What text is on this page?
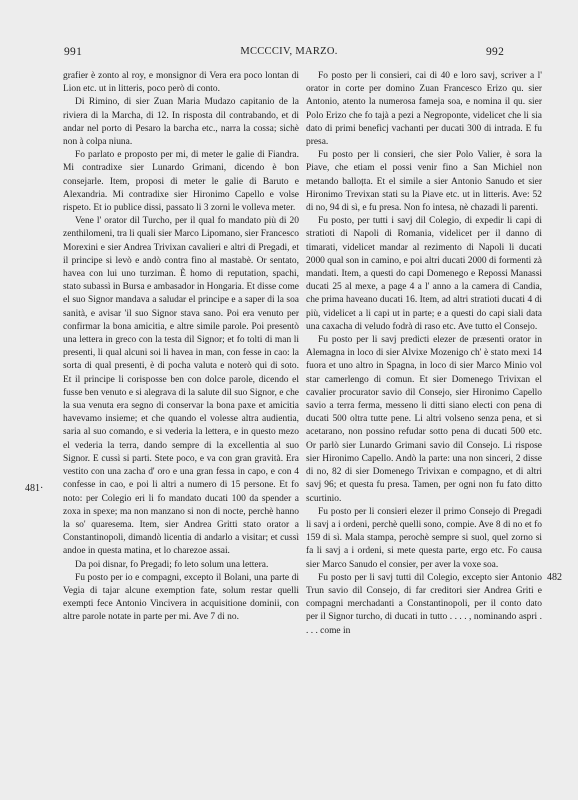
991	MCCCCIV, MARZO.	992
481·
482

grafier è zonto al roy, e monsignor di Vera era poco lontan di Lion etc. ut in litteris, poco però di conto.

Di Rimino, di sier Zuan Maria Mudazo capitanio de la riviera di la Marcha, di 12. In risposta dil contrabando, et di andar nel porto di Pesaro la barcha etc., narra la cossa; sichè non à colpa niuna.

Fo parlato e proposto per mi, di meter le galie di Fiandra. Mi contradixe sier Lunardo Grimani, dicendo è bon consejarle. Item, proposi di meter le galie di Baruto e Alexandria. Mi contradixe sier Hironimo Capello e volse rispeto. Et io publice dissi, passato li 3 zorni le volleva meter.

Vene l' orator dil Turcho, per il qual fo mandato più di 20 zenthilomeni, tra li quali sier Marco Lipomano, sier Francesco Morexini e sier Andrea Trivixan cavalieri e altri di Pregadi, et il principe si levò e andò contra fino al mastabè. Or sentato, havea con lui uno turziman. È homo di reputation, spachi, stato subassì in Bursa e ambasador in Hongaria. Et disse come el suo Signor mandava a saludar el principe e a saper di la soa sanità, e avisar 'il suo Signor stava sano. Poi era venuto per confirmar la bona amicitia, e altre simile parole. Poi presentò una lettera in greco con la testa dil Signor; et fo tolti di man li presenti, li qual alcuni soi li havea in man, con fesse in cao: la sorta di qual presenti, è di pocha valuta e noterò qui di soto. Et il principe li corisposse ben con dolce parole, dicendo el fusse ben venuto e si alegrava di la salute dil suo Signor, e che la sua venuta era segno di conservar la bona paxe et amicitia havevamo insieme; et che quando el volesse altra audientia, saria al suo comando, e si vederia la lettera, e in questo mezo el vederia la terra, dando sempre di la excellentia al suo Signor. E cussì si parti. Stete poco, e va con gran gravità. Era vestito con una zacha d' oro e una gran fessa in capo, e con 4 confesse in cao, e poi li altri a numero di 15 persone. Et fo noto: per Colegio eri li fo mandato ducati 100 da spender a zoxa in spexe; ma non manzano si non di nocte, perchè hanno la so' quaresema. Item, sier Andrea Gritti stato orator a Constantinopoli, dimandò licentia di andarlo a visitar; et cussì andoe in questa matina, et lo charezoe assai.

Da poi disnar, fo Pregadi; fo leto solum una lettera.

Fu posto per io e compagni, excepto il Bolani, una parte di Vegia di tajar alcune exemption fate, solum restar quelli exempti fece Antonio Vincivera in acquisitione dominii, con altre parole notate in parte per mi. Ave 7 di no.

Fo posto per li consieri, cai di 40 e loro savj, scriver a l' orator in corte per domino Zuan Francesco Erizo qu. sier Antonio, atento la numerosa fameja soa, e nomina il qu. sier Polo Erizo che fo tajà a pezi a Negroponte, videlicet che li sia dato di primi beneficj vachanti per ducati 300 di intrada. E fu presa.

Fu posto per li consieri, che sier Polo Valier, è sora la Piave, che etiam el possi venir fino a San Michiel non metando balloțta. Et el simile a sier Antonio Sanudo et sier Hironimo Trevixan stati su la Piave etc. ut in litteris. Ave: 52 di no, 94 di sì, e fu presa. Non fo intesa, nè chazadi li parenti.

Fu posto, per tutti i savj dil Colegio, di expedir li capi di stratioti di Napoli di Romania, videlicet per il danno di timarati, videlicet mandar al rezimento di Napoli li ducati 2000 qual son in camino, e poi altri ducati 2000 di formenti zà mandati. Item, a questi do capi Domenego e Repossi Manassi ducati 25 al mexe, a page 4 a l' anno a la camera di Candia, che prima haveano ducati 16. Item, ad altri stratioti ducati 4 di più, videlicet a li capi ut in parte; e a questi do capi siali data una caxacha di veludo fodrà di raso etc. Ave tutto el Consejo.

Fu posto per li savj predicti elezer de præsenti orator in Alemagna in loco di sier Alvixe Mozenigo ch' è stato mexi 14 fuora et uno altro in Spagna, in loco di sier Marco Minio vol star camerlengo di comun. Et sier Domenego Trivixan el cavalier procurator savio dil Consejo, sier Hironimo Capello savio a terra ferma, messeno li ditti siano electi con pena di ducati 500 oltra tutte pene. Li altri volseno senza pena, et si acetarano, non possino refudar sotto pena di ducati 500 etc. Or parlò sier Lunardo Grimani savio dil Consejo. Li rispose sier Hironimo Capello. Andò la parte: una non sinceri, 2 disse di no, 82 di sier Domenego Trivixan e compagno, et di altri savj 96; et questa fu presa. Tamen, per ogni non fu fato ditto scurtinio.

Fu posto per li consieri elezer il primo Consejo di Pregadi li savj a i ordeni, perchè quelli sono, compie. Ave 8 di no et fo 159 di sì. Mala stampa, perochè sempre si suol, quel zorno si fa li savj a i ordeni, si mete questa parte, ergo etc. Fo causa sier Marco Sanudo el consier, per aver la voxe soa.

Fu posto per li savj tutti dil Colegio, excepto sier Antonio Trun savio dil Consejo, di far creditori sier Andrea Griti e compagni merchadanti a Constantinopoli, per il conto dato per il Signor turcho, di ducati in tutto . . . . , nominando aspri . . . . come in
